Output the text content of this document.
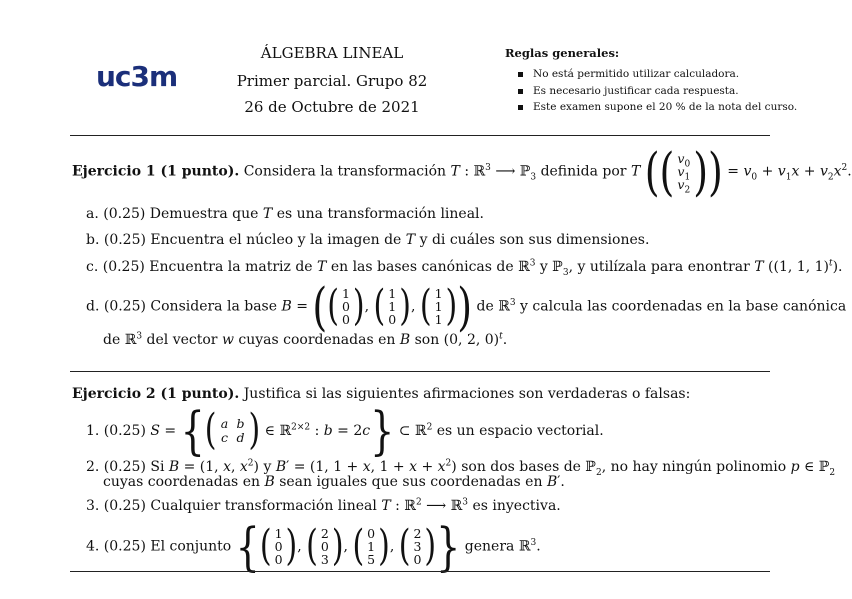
uc3m
ÁLGEBRA LINEAL
Primer parcial. Grupo 82
26 de Octubre de 2021
Reglas generales:
No está permitido utilizar calculadora.
Es necesario justificar cada respuesta.
Este examen supone el 20 % de la nota del curso.
Ejercicio 1 (1 punto). Considera la transformación T : ℝ$^3$ ⟶ ℙ$_3$ definida por T (( $v_0$
$v_1$
$v_2)) = v_0 + v_1x + v_2x^2$.
a. (0.25) Demuestra que T es una transformación lineal.
b. (0.25) Encuentra el núcleo y la imagen de T y di cuáles son sus dimensiones.
c. (0.25) Encuentra la matriz de T en las bases canónicas de ℝ$^3$ y ℙ$_3$, y utilízala para enontrar T ((1, 1, 1)$^t$).
d. (0.25) Considera la base B = (( 1
0
0 ), ( 1
1
0 ), ( 1
1
1 )) de ℝ$^3$ y calcula las coordenadas en la base canónica
de ℝ$^3$ del vector w cuyas coordenadas en B son (0, 2, 0)$^t$.
Ejercicio 2 (1 punto). Justifica si las siguientes afirmaciones son verdaderas o falsas:
1. (0.25) S = {( a b
c d ) ∈ ℝ$^{2\times 2}$ : b = 2c} ⊂ ℝ$^2$ es un espacio vectorial.
2. (0.25) Si B = (1, x, $x^2$) y B′ = (1, 1 + x, $1 + x + x^2$) son dos bases de ℙ$_2$, no hay ningún polinomio p ∈ ℙ$_2$
cuyas coordenadas en B sean iguales que sus coordenadas en B′.
3. (0.25) Cualquier transformación lineal T : ℝ$^2$ ⟶ ℝ$^3$ es inyectiva.
4. (0.25) El conjunto {( 1
0
0 ), ( 2
0
3 ), ( 0
1
5 ), ( 2
3
0 )} genera ℝ$^3$.
